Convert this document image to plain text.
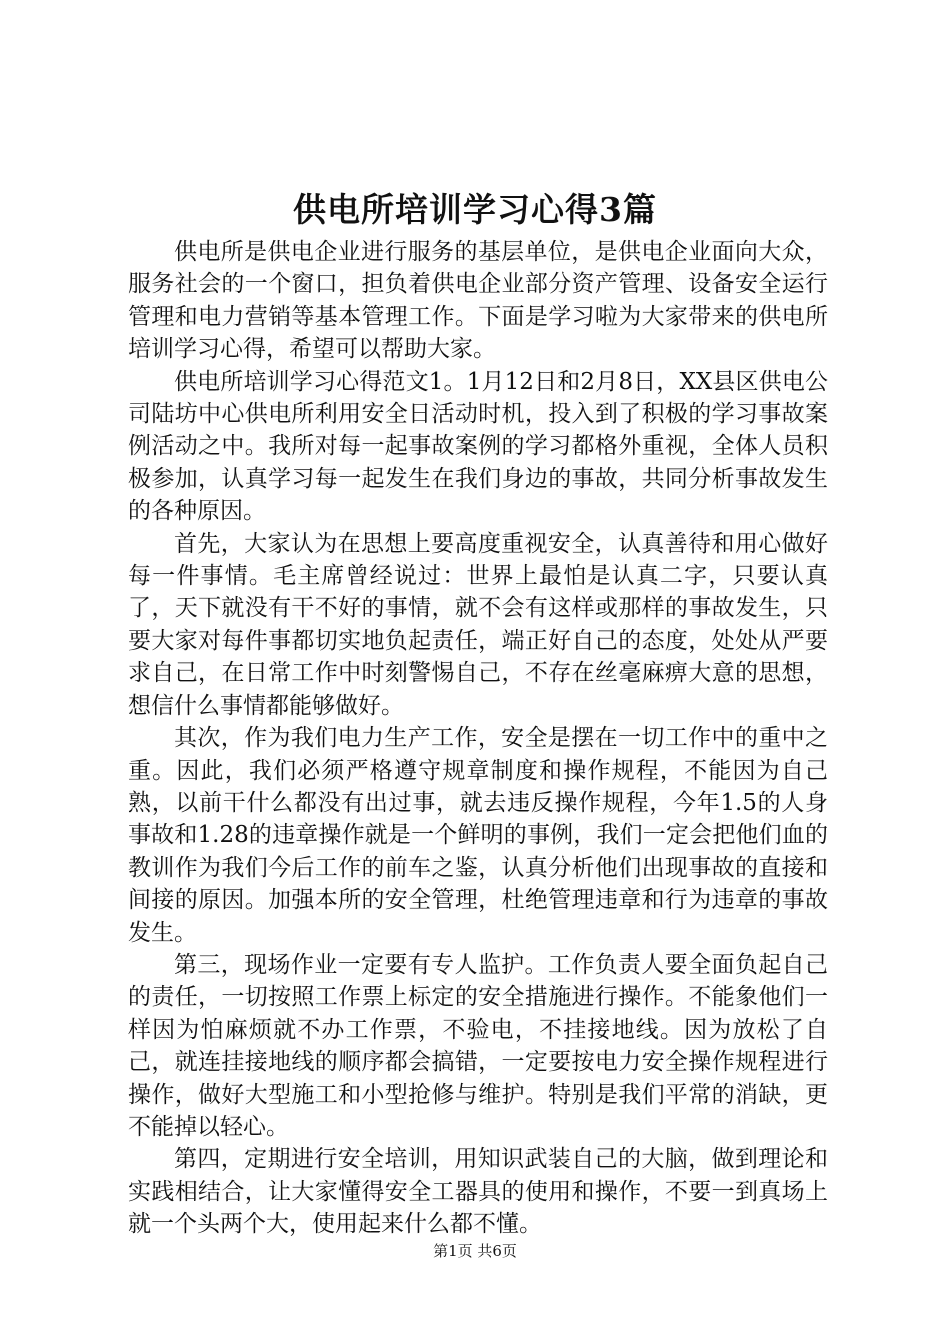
供电所培训学习心得3篇

供电所是供电企业进行服务的基层单位，是供电企业面向大众，服务社会的一个窗口，担负着供电企业部分资产管理、设备安全运行管理和电力营销等基本管理工作。下面是学习啦为大家带来的供电所培训学习心得，希望可以帮助大家。

供电所培训学习心得范文1。1月12日和2月8日，XX县区供电公司陆坊中心供电所利用安全日活动时机，投入到了积极的学习事故案例活动之中。我所对每一起事故案例的学习都格外重视，全体人员积极参加，认真学习每一起发生在我们身边的事故，共同分析事故发生的各种原因。

首先，大家认为在思想上要高度重视安全，认真善待和用心做好每一件事情。毛主席曾经说过：世界上最怕是认真二字，只要认真了，天下就没有干不好的事情，就不会有这样或那样的事故发生，只要大家对每件事都切实地负起责任，端正好自己的态度，处处从严要求自己，在日常工作中时刻警惕自己，不存在丝毫麻痹大意的思想，想信什么事情都能够做好。

其次，作为我们电力生产工作，安全是摆在一切工作中的重中之重。因此，我们必须严格遵守规章制度和操作规程，不能因为自己熟，以前干什么都没有出过事，就去违反操作规程，今年1.5的人身事故和1.28的违章操作就是一个鲜明的事例，我们一定会把他们血的教训作为我们今后工作的前车之鉴，认真分析他们出现事故的直接和间接的原因。加强本所的安全管理，杜绝管理违章和行为违章的事故发生。

第三，现场作业一定要有专人监护。工作负责人要全面负起自己的责任，一切按照工作票上标定的安全措施进行操作。不能象他们一样因为怕麻烦就不办工作票，不验电，不挂接地线。因为放松了自己，就连挂接地线的顺序都会搞错，一定要按电力安全操作规程进行操作，做好大型施工和小型抢修与维护。特别是我们平常的消缺，更不能掉以轻心。

第四，定期进行安全培训，用知识武装自己的大脑，做到理论和实践相结合，让大家懂得安全工器具的使用和操作，不要一到真场上就一个头两个大，使用起来什么都不懂。

第1页 共6页
